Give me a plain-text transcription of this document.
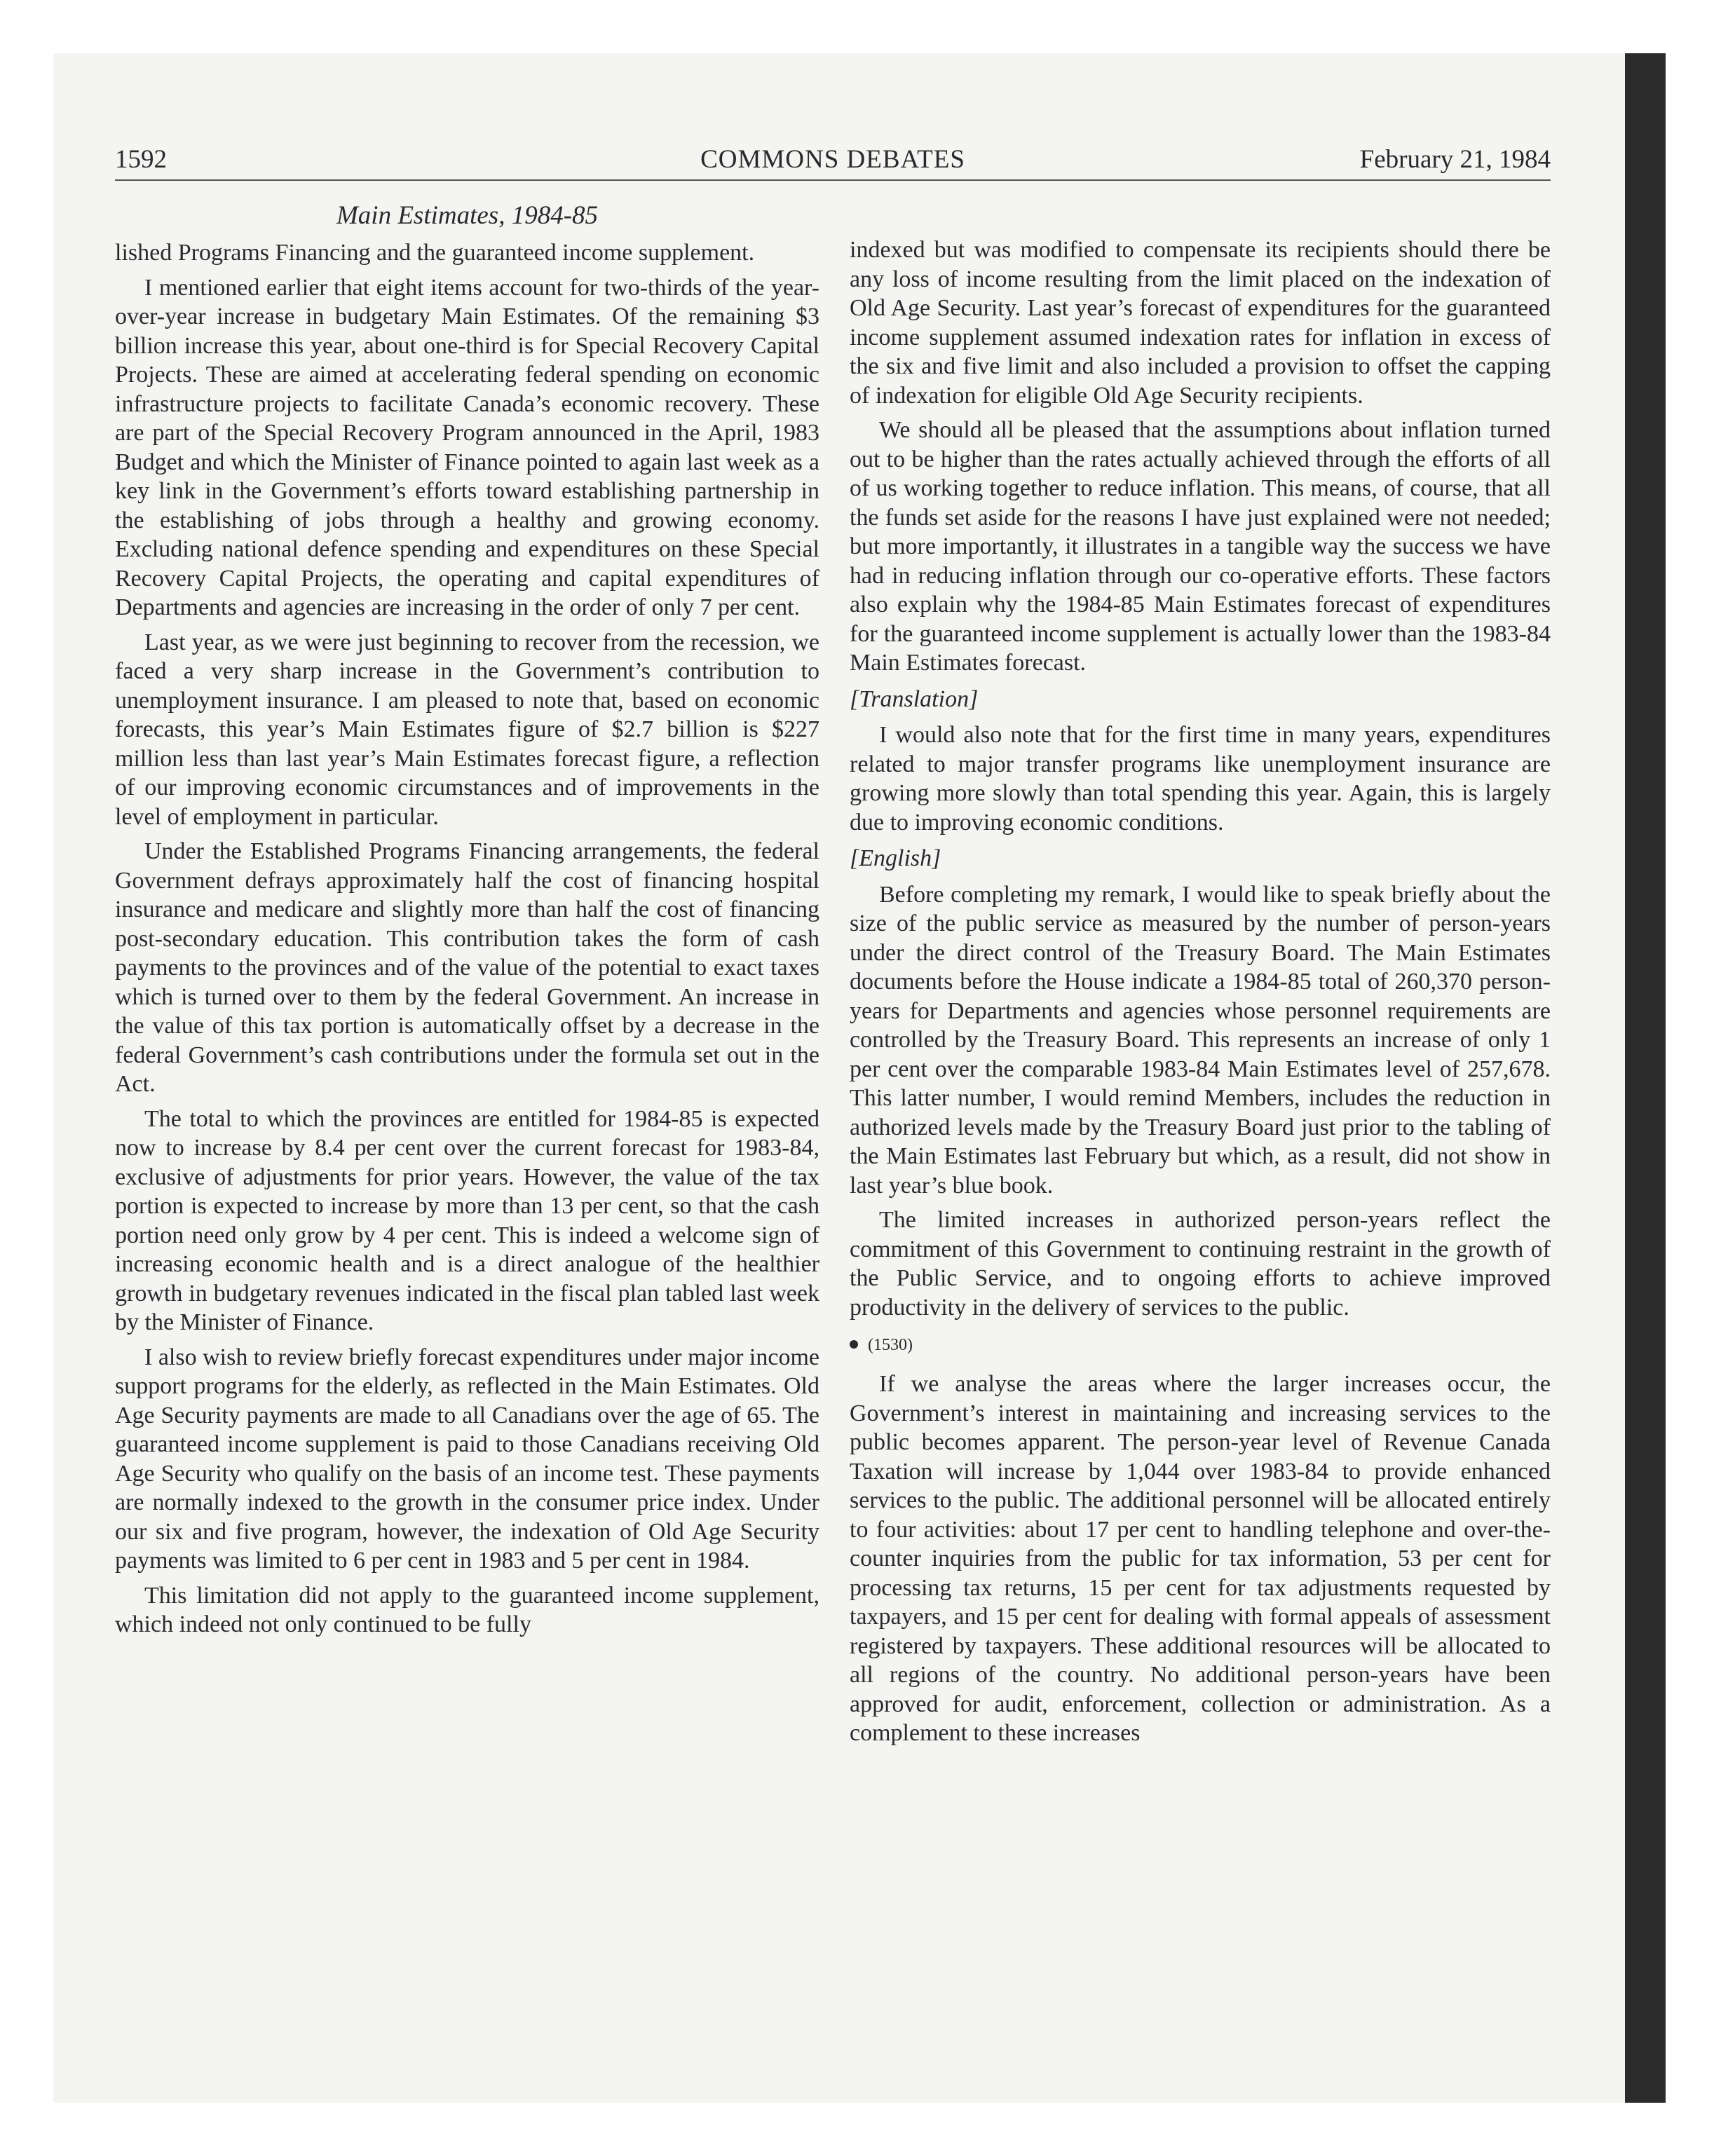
1592	COMMONS DEBATES	February 21, 1984
Main Estimates, 1984-85

lished Programs Financing and the guaranteed income supplement.

I mentioned earlier that eight items account for two-thirds of the year-over-year increase in budgetary Main Estimates. Of the remaining $3 billion increase this year, about one-third is for Special Recovery Capital Projects. These are aimed at accelerating federal spending on economic infrastructure projects to facilitate Canada’s economic recovery. These are part of the Special Recovery Program announced in the April, 1983 Budget and which the Minister of Finance pointed to again last week as a key link in the Government’s efforts toward establishing partnership in the establishing of jobs through a healthy and growing economy. Excluding national defence spending and expenditures on these Special Recovery Capital Projects, the operating and capital expenditures of Departments and agencies are increasing in the order of only 7 per cent.

Last year, as we were just beginning to recover from the recession, we faced a very sharp increase in the Government’s contribution to unemployment insurance. I am pleased to note that, based on economic forecasts, this year’s Main Estimates figure of $2.7 billion is $227 million less than last year’s Main Estimates forecast figure, a reflection of our improving economic circumstances and of improvements in the level of employment in particular.

Under the Established Programs Financing arrangements, the federal Government defrays approximately half the cost of financing hospital insurance and medicare and slightly more than half the cost of financing post-secondary education. This contribution takes the form of cash payments to the provinces and of the value of the potential to exact taxes which is turned over to them by the federal Government. An increase in the value of this tax portion is automatically offset by a decrease in the federal Government’s cash contributions under the formula set out in the Act.

The total to which the provinces are entitled for 1984-85 is expected now to increase by 8.4 per cent over the current forecast for 1983-84, exclusive of adjustments for prior years. However, the value of the tax portion is expected to increase by more than 13 per cent, so that the cash portion need only grow by 4 per cent. This is indeed a welcome sign of increasing economic health and is a direct analogue of the healthier growth in budgetary revenues indicated in the fiscal plan tabled last week by the Minister of Finance.

I also wish to review briefly forecast expenditures under major income support programs for the elderly, as reflected in the Main Estimates. Old Age Security payments are made to all Canadians over the age of 65. The guaranteed income supplement is paid to those Canadians receiving Old Age Security who qualify on the basis of an income test. These payments are normally indexed to the growth in the consumer price index. Under our six and five program, however, the indexation of Old Age Security payments was limited to 6 per cent in 1983 and 5 per cent in 1984.

This limitation did not apply to the guaranteed income supplement, which indeed not only continued to be fully

indexed but was modified to compensate its recipients should there be any loss of income resulting from the limit placed on the indexation of Old Age Security. Last year’s forecast of expenditures for the guaranteed income supplement assumed indexation rates for inflation in excess of the six and five limit and also included a provision to offset the capping of indexation for eligible Old Age Security recipients.

We should all be pleased that the assumptions about inflation turned out to be higher than the rates actually achieved through the efforts of all of us working together to reduce inflation. This means, of course, that all the funds set aside for the reasons I have just explained were not needed; but more importantly, it illustrates in a tangible way the success we have had in reducing inflation through our co-operative efforts. These factors also explain why the 1984-85 Main Estimates forecast of expenditures for the guaranteed income supplement is actually lower than the 1983-84 Main Estimates forecast.

[Translation]

I would also note that for the first time in many years, expenditures related to major transfer programs like unemployment insurance are growing more slowly than total spending this year. Again, this is largely due to improving economic conditions.

[English]

Before completing my remark, I would like to speak briefly about the size of the public service as measured by the number of person-years under the direct control of the Treasury Board. The Main Estimates documents before the House indicate a 1984-85 total of 260,370 person-years for Departments and agencies whose personnel requirements are controlled by the Treasury Board. This represents an increase of only 1 per cent over the comparable 1983-84 Main Estimates level of 257,678. This latter number, I would remind Members, includes the reduction in authorized levels made by the Treasury Board just prior to the tabling of the Main Estimates last February but which, as a result, did not show in last year’s blue book.

The limited increases in authorized person-years reflect the commitment of this Government to continuing restraint in the growth of the Public Service, and to ongoing efforts to achieve improved productivity in the delivery of services to the public.

(1530)

If we analyse the areas where the larger increases occur, the Government’s interest in maintaining and increasing services to the public becomes apparent. The person-year level of Revenue Canada Taxation will increase by 1,044 over 1983-84 to provide enhanced services to the public. The additional personnel will be allocated entirely to four activities: about 17 per cent to handling telephone and over-the-counter inquiries from the public for tax information, 53 per cent for processing tax returns, 15 per cent for tax adjustments requested by taxpayers, and 15 per cent for dealing with formal appeals of assessment registered by taxpayers. These additional resources will be allocated to all regions of the country. No additional person-years have been approved for audit, enforcement, collection or administration. As a complement to these increases
